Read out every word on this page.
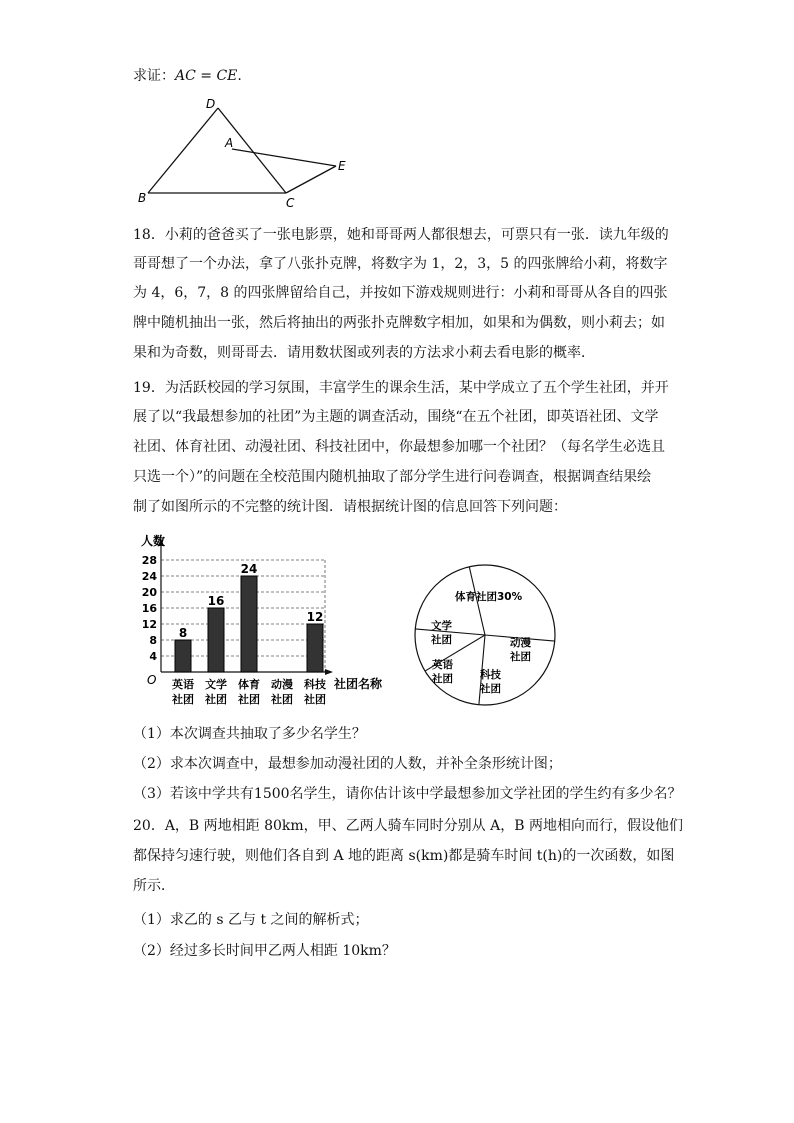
求证：AC = CE.
D
A
E
B	C
18．小莉的爸爸买了一张电影票，她和哥哥两人都很想去，可票只有一张．读九年级的
哥哥想了一个办法，拿了八张扑克牌，将数字为 1，2，3，5 的四张牌给小莉，将数字
为 4，6，7，8 的四张牌留给自己，并按如下游戏规则进行：小莉和哥哥从各自的四张
牌中随机抽出一张，然后将抽出的两张扑克牌数字相加，如果和为偶数，则小莉去；如
果和为奇数，则哥哥去．请用数状图或列表的方法求小莉去看电影的概率．
19．为活跃校园的学习氛围，丰富学生的课余生活，某中学成立了五个学生社团，并开
展了以“我最想参加的社团”为主题的调查活动，围绕“在五个社团，即英语社团、文学
社团、体育社团、动漫社团、科技社团中，你最想参加哪一个社团？（每名学生必选且
只选一个）”的问题在全校范围内随机抽取了部分学生进行问卷调查，根据调查结果绘
制了如图所示的不完整的统计图．请根据统计图的信息回答下列问题：
4
8
12
16
20
24
28
人数
社团名称
O
8
英语
社团
16
文学
社团
24
体育
社团
动漫
社团
12
科技
社团
体育社团30%
动漫
社团
科技
社团
英语
社团
文学
社团
（1）本次调查共抽取了多少名学生？
（2）求本次调查中，最想参加动漫社团的人数，并补全条形统计图；
（3）若该中学共有1500名学生，请你估计该中学最想参加文学社团的学生约有多少名？
20．A，B 两地相距 80km，甲、乙两人骑车同时分别从 A，B 两地相向而行，假设他们
都保持匀速行驶，则他们各自到 A 地的距离 s(km)都是骑车时间 t(h)的一次函数，如图
所示．
（1）求乙的 s 乙与 t 之间的解析式；
（2）经过多长时间甲乙两人相距 10km？
